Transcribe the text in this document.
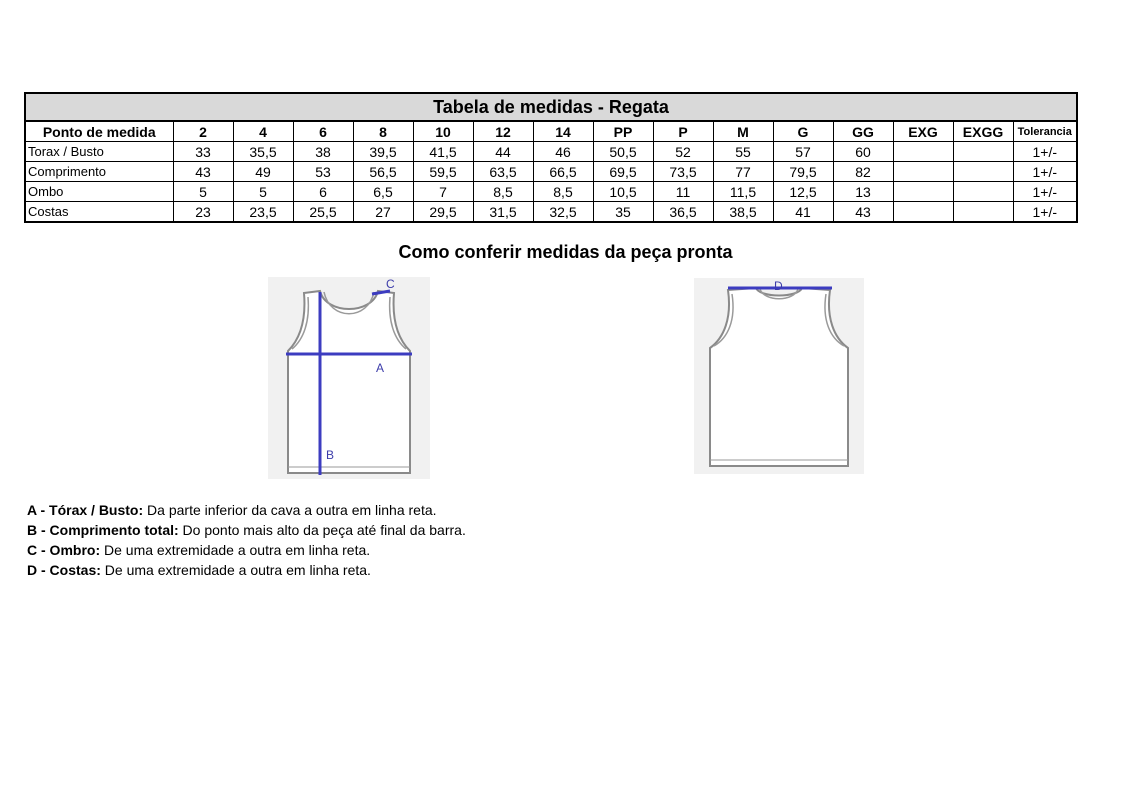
Tabela de medidas - Regata															
Ponto de medida	2	4	6	8	10	12	14	PP	P	M	G	GG	EXG	EXGG	Tolerancia
Torax / Busto	33	35,5	38	39,5	41,5	44	46	50,5	52	55	57	60			1+/-
Comprimento	43	49	53	56,5	59,5	63,5	66,5	69,5	73,5	77	79,5	82			1+/-
Ombo	5	5	6	6,5	7	8,5	8,5	10,5	11	11,5	12,5	13			1+/-
Costas	23	23,5	25,5	27	29,5	31,5	32,5	35	36,5	38,5	41	43			1+/-
Como conferir medidas da peça pronta
A
B
C	D
A - Tórax / Busto: Da parte inferior da cava a outra em linha reta.
B - Comprimento total: Do ponto mais alto da peça até final da barra.
C - Ombro: De uma extremidade a outra em linha reta.
D - Costas: De uma extremidade a outra em linha reta.
